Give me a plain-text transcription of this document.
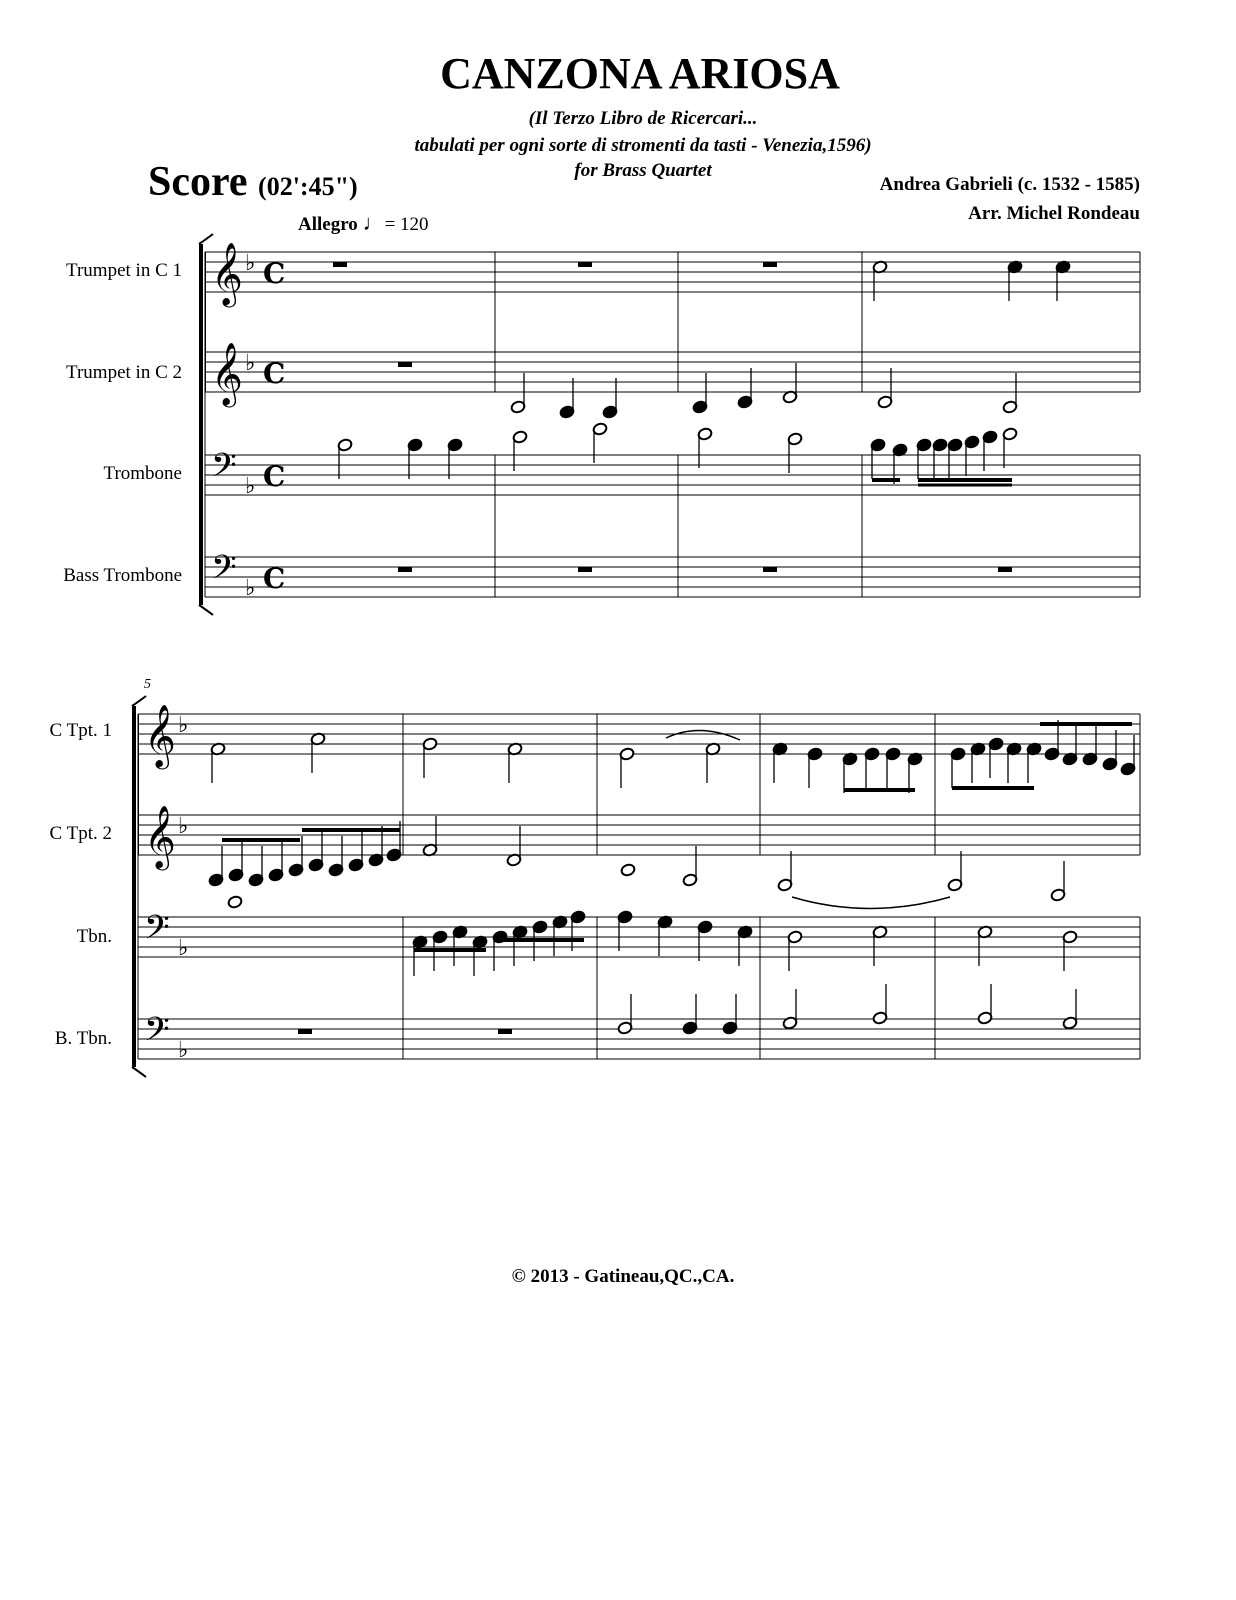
CANZONA ARIOSA
(Il Terzo Libro de Ricercari...
tabulati per ogni sorte di stromenti da tasti - Venezia,1596)
for Brass Quartet
Score (02':45")	Andrea Gabrieli (c. 1532 - 1585)
Arr. Michel Rondeau
Allegro ♩= 120
Trumpet in C 1
Trumpet in C 2
Trombone
Bass Trombone
5
C Tpt. 1
C Tpt. 2
Tbn.
B. Tbn.
© 2013 - Gatineau,QC.,CA.
𝄞 ♭
𝄞 ♭
𝄢 ♭
𝄢 ♭
𝄞 ♭
𝄞 ♭
𝄢 ♭
𝄢 ♭
C
C
C
C
